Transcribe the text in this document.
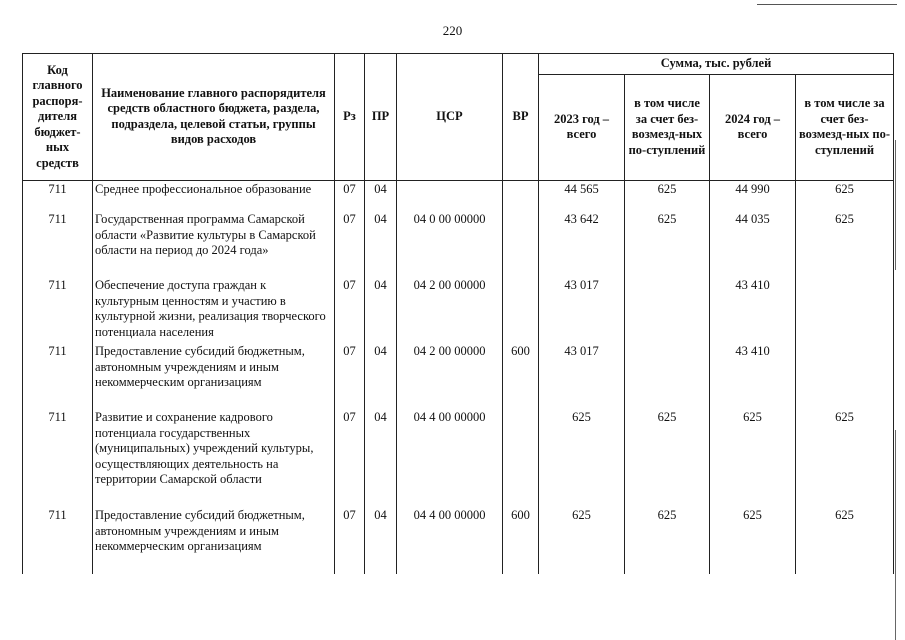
220
Код главного распоря-дителя бюджет-ных средств	Наименование главного распорядителя средств областного бюджета, раздела, подраздела, целевой статьи, группы видов расходов	Рз	ПР	ЦСР	ВР	Сумма, тыс. рублей			
						2023 год – всего	в том числе за счет без-возмезд-ных по-ступлений	2024 год – всего	в том числе за счет без-возмезд-ных по-ступлений
711	Среднее профессиональное образование	07	04			44 565	625	44 990	625
711	Государственная программа Самарской области «Развитие культуры в Самарской области на период до 2024 года»	07	04	04 0 00 00000		43 642	625	44 035	625
711	Обеспечение доступа граждан к культурным ценностям и участию в культурной жизни, реализация творческого потенциала населения	07	04	04 2 00 00000		43 017		43 410	
711	Предоставление субсидий бюджетным, автономным учреждениям и иным некоммерческим организациям	07	04	04 2 00 00000	600	43 017		43 410	
711	Развитие и сохранение кадрового потенциала государственных (муниципальных) учреждений культуры, осуществляющих деятельность на территории Самарской области	07	04	04 4 00 00000		625	625	625	625
711	Предоставление субсидий бюджетным, автономным учреждениям и иным некоммерческим организациям	07	04	04 4 00 00000	600	625	625	625	625
